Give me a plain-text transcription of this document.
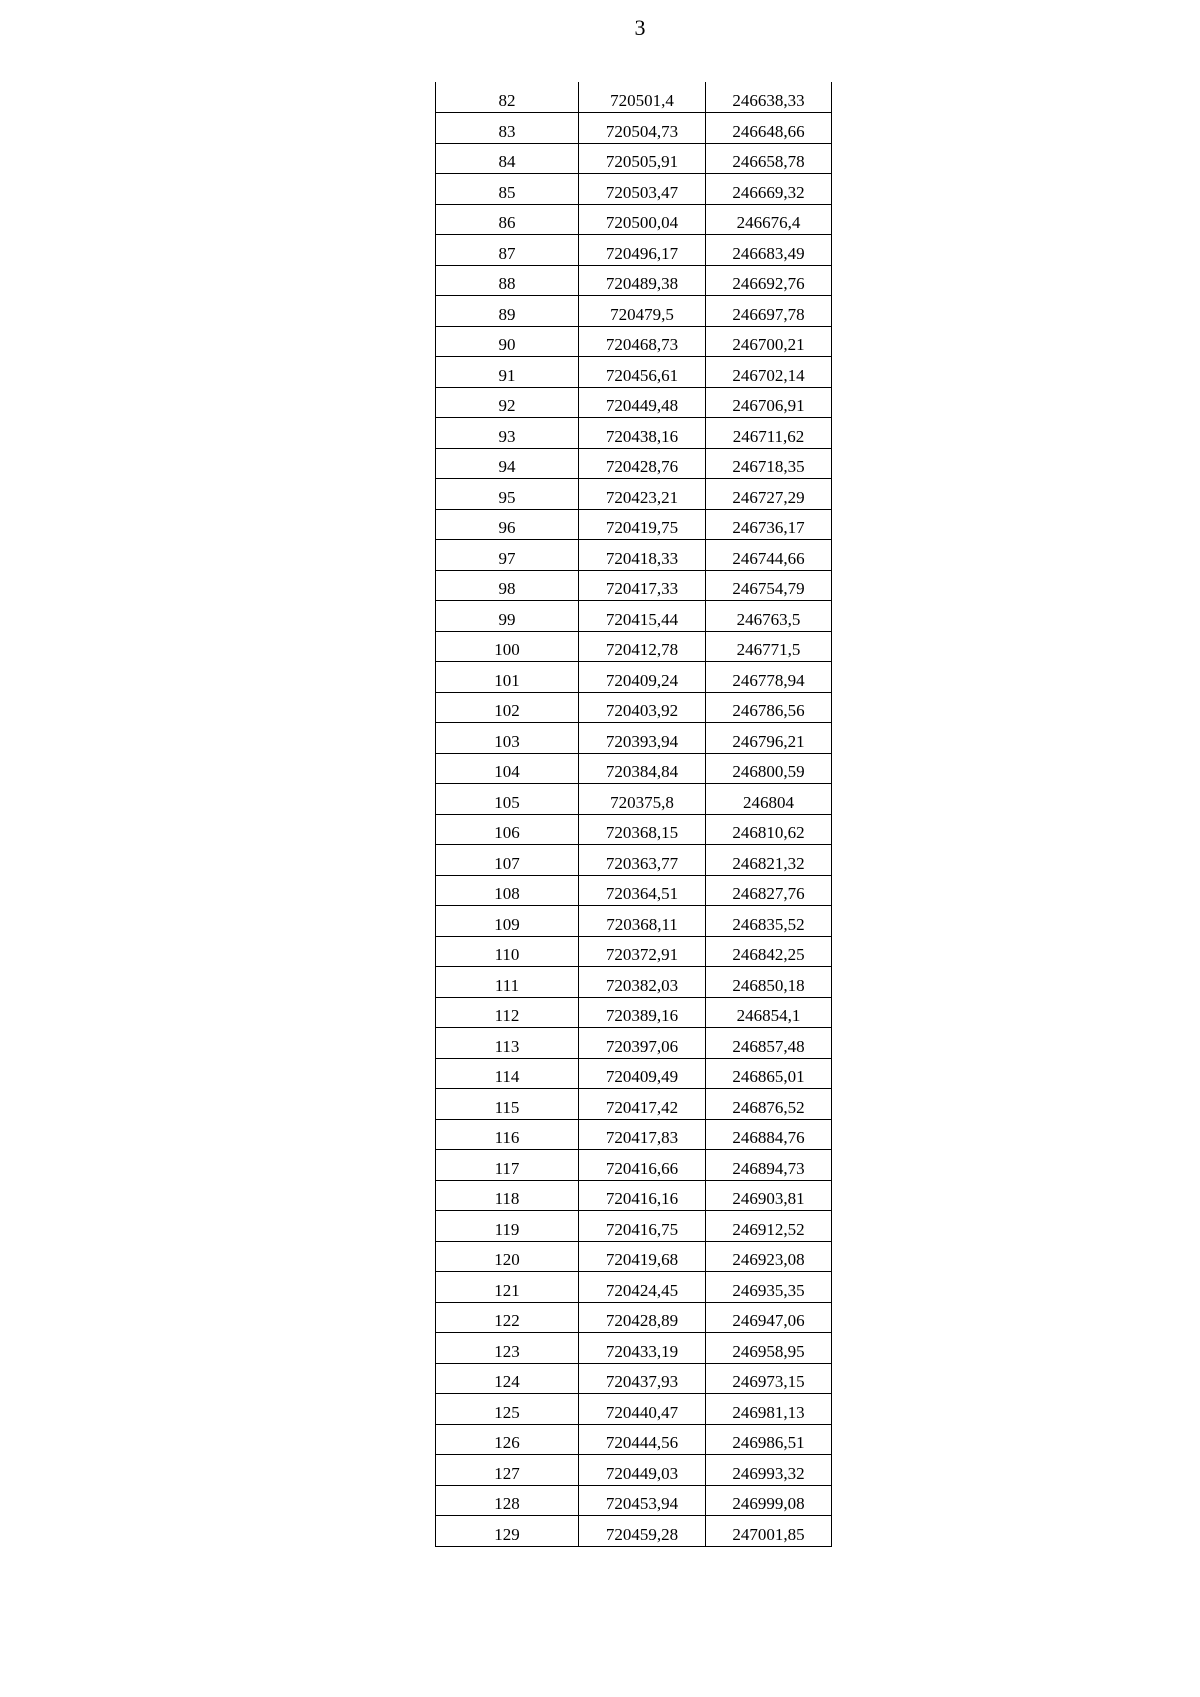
3
82	720501,4	246638,33
83	720504,73	246648,66
84	720505,91	246658,78
85	720503,47	246669,32
86	720500,04	246676,4
87	720496,17	246683,49
88	720489,38	246692,76
89	720479,5	246697,78
90	720468,73	246700,21
91	720456,61	246702,14
92	720449,48	246706,91
93	720438,16	246711,62
94	720428,76	246718,35
95	720423,21	246727,29
96	720419,75	246736,17
97	720418,33	246744,66
98	720417,33	246754,79
99	720415,44	246763,5
100	720412,78	246771,5
101	720409,24	246778,94
102	720403,92	246786,56
103	720393,94	246796,21
104	720384,84	246800,59
105	720375,8	246804
106	720368,15	246810,62
107	720363,77	246821,32
108	720364,51	246827,76
109	720368,11	246835,52
110	720372,91	246842,25
111	720382,03	246850,18
112	720389,16	246854,1
113	720397,06	246857,48
114	720409,49	246865,01
115	720417,42	246876,52
116	720417,83	246884,76
117	720416,66	246894,73
118	720416,16	246903,81
119	720416,75	246912,52
120	720419,68	246923,08
121	720424,45	246935,35
122	720428,89	246947,06
123	720433,19	246958,95
124	720437,93	246973,15
125	720440,47	246981,13
126	720444,56	246986,51
127	720449,03	246993,32
128	720453,94	246999,08
129	720459,28	247001,85
